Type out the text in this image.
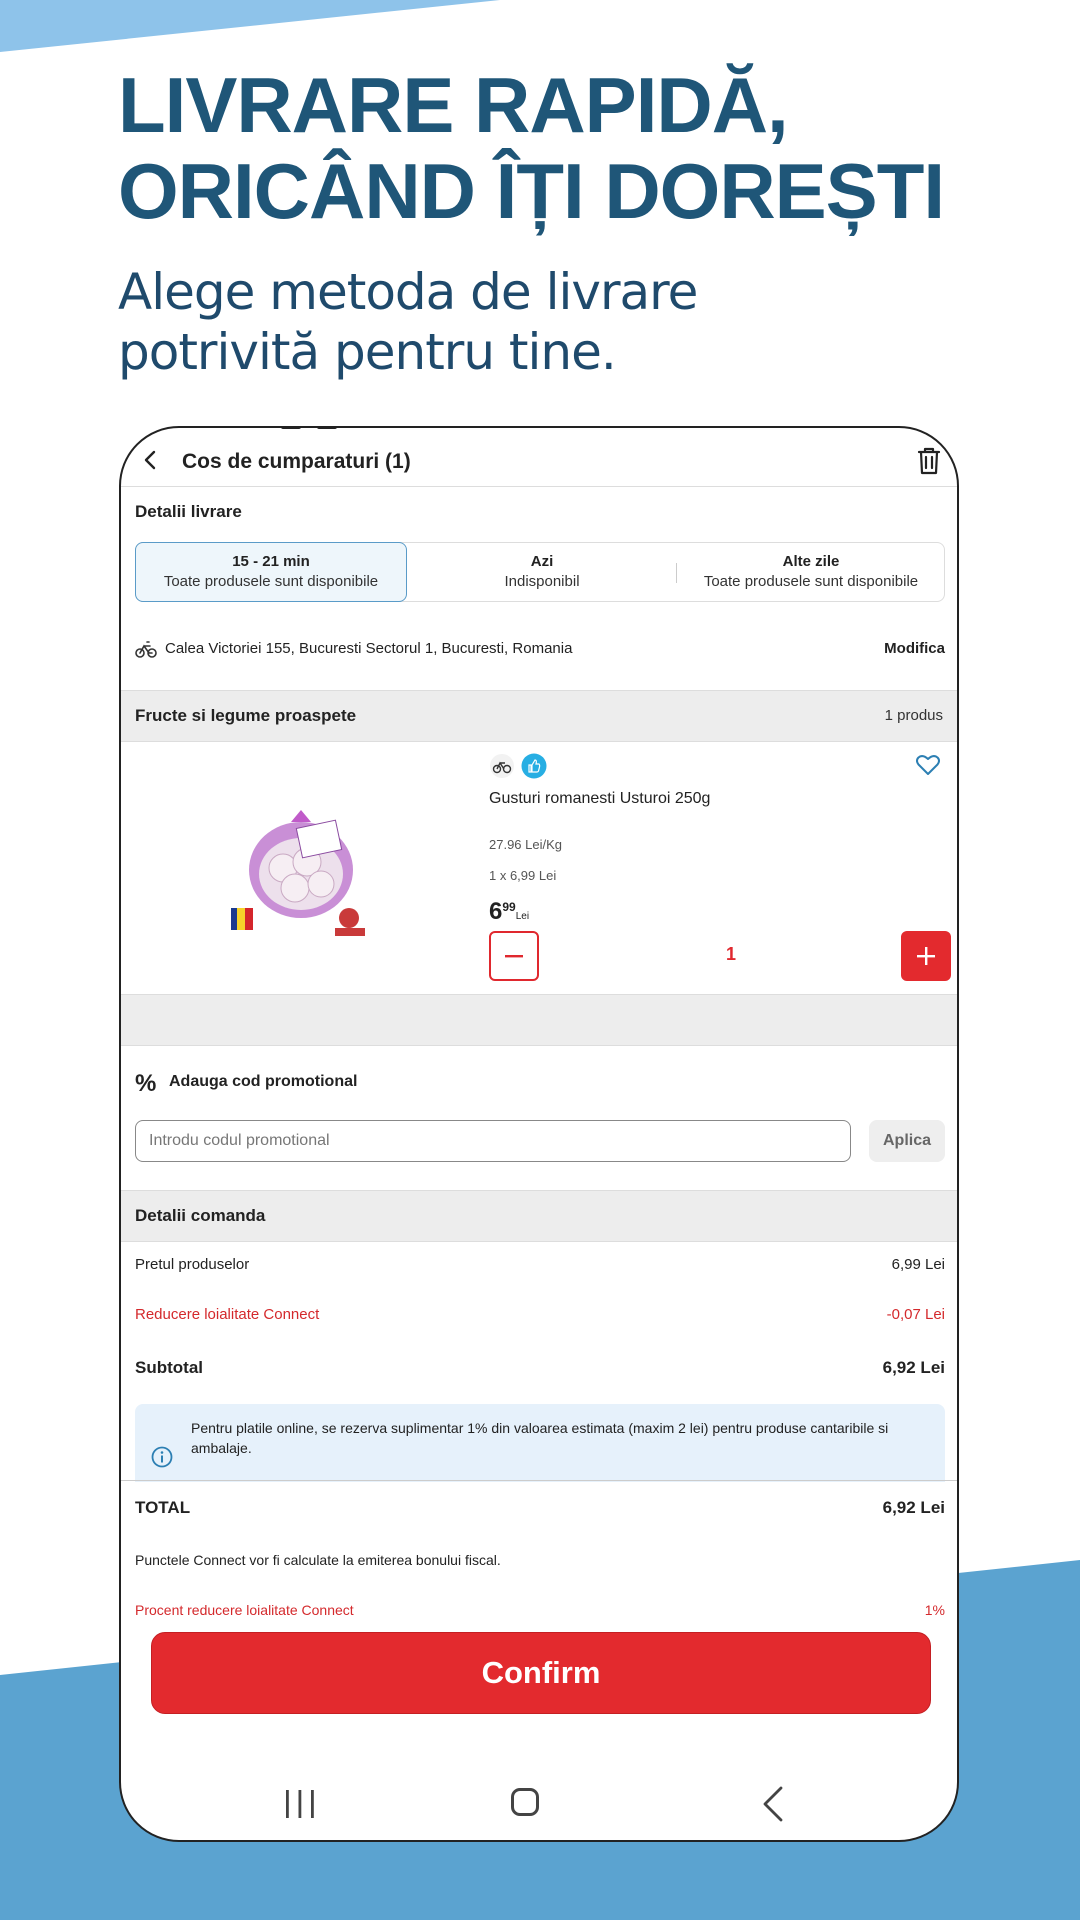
LIVRARE RAPIDĂ,
ORICÂND ÎȚI DOREȘTI

Alege metoda de livrare
potrivită pentru tine.

Cos de cumparaturi (1)
Detalii livrare
15 - 21 min
Toate produsele sunt disponibile
Azi
Indisponibil
Alte zile
Toate produsele sunt disponibile
Calea Victoriei 155, Bucuresti Sectorul 1, Bucuresti, Romania	Modifica
Fructe si legume proaspete	1 produs
Gusturi romanesti Usturoi 250g
27.96 Lei/Kg
1 x 6,99 Lei
$6^{99}Lei$
1
% Adauga cod promotional
Introdu codul promotional	Aplica
Detalii comanda
Pretul produselor	6,99 Lei
Reducere loialitate Connect	-0,07 Lei
Subtotal	6,92 Lei
Pentru platile online, se rezerva suplimentar 1% din valoarea estimata (maxim 2 lei) pentru produse cantaribile si ambalaje.
TOTAL	6,92 Lei
Punctele Connect vor fi calculate la emiterea bonului fiscal.
Procent reducere loialitate Connect	1%
Confirm
